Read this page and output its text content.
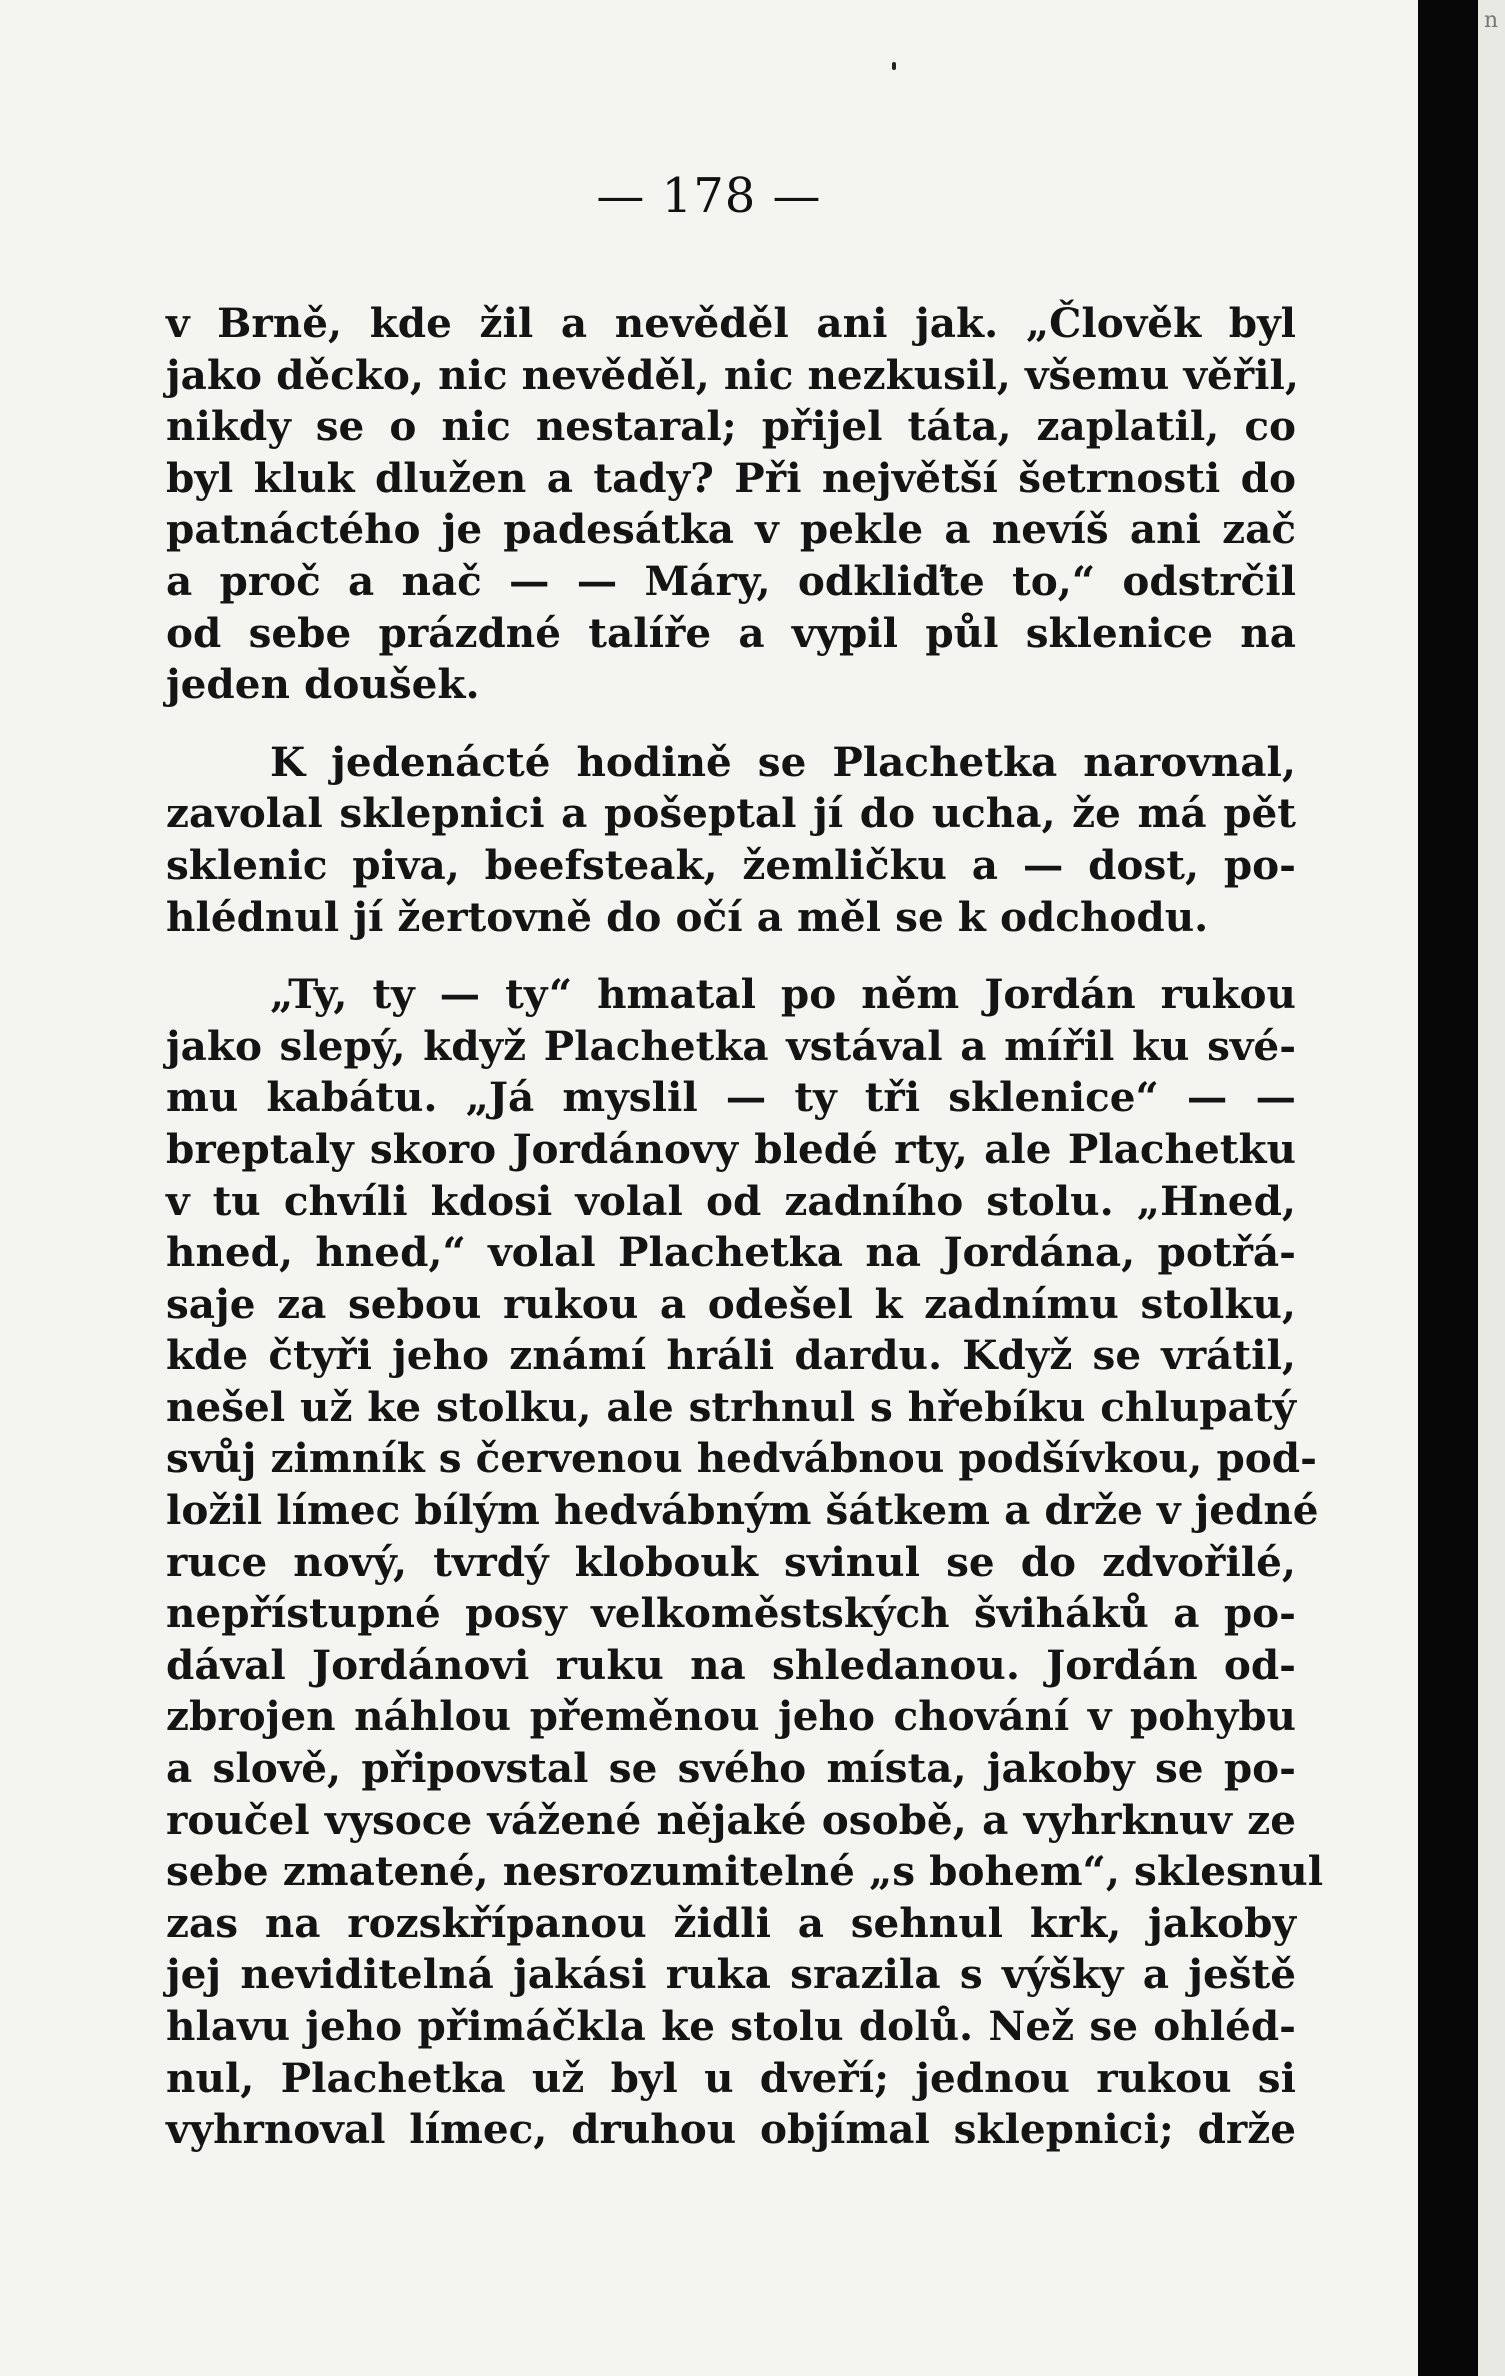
— 178 —
v Brně, kde žil a nevěděl ani jak. „Člověk byl
jako děcko, nic nevěděl, nic nezkusil, všemu věřil,
nikdy se o nic nestaral; přijel táta, zaplatil, co
byl kluk dlužen a tady? Při největší šetrnosti do
patnáctého je padesátka v pekle a nevíš ani zač
a proč a nač — — Máry, odkliďte to,“ odstrčil
od sebe prázdné talíře a vypil půl sklenice na
jeden doušek.
K jedenácté hodině se Plachetka narovnal,
zavolal sklepnici a pošeptal jí do ucha, že má pět
sklenic piva, beefsteak, žemličku a — dost, po-
hlédnul jí žertovně do očí a měl se k odchodu.
„Ty, ty — ty“ hmatal po něm Jordán rukou
jako slepý, když Plachetka vstával a mířil ku své-
mu kabátu. „Já myslil — ty tři sklenice“ — —
breptaly skoro Jordánovy bledé rty, ale Plachetku
v tu chvíli kdosi volal od zadního stolu. „Hned,
hned, hned,“ volal Plachetka na Jordána, potřá-
saje za sebou rukou a odešel k zadnímu stolku,
kde čtyři jeho známí hráli dardu. Když se vrátil,
nešel už ke stolku, ale strhnul s hřebíku chlupatý
svůj zimník s červenou hedvábnou podšívkou, pod-
ložil límec bílým hedvábným šátkem a drže v jedné
ruce nový, tvrdý klobouk svinul se do zdvořilé,
nepřístupné posy velkoměstských šviháků a po-
dával Jordánovi ruku na shledanou. Jordán od-
zbrojen náhlou přeměnou jeho chování v pohybu
a slově, připovstal se svého místa, jakoby se po-
roučel vysoce vážené nějaké osobě, a vyhrknuv ze
sebe zmatené, nesrozumitelné „s bohem“, sklesnul
zas na rozskřípanou židli a sehnul krk, jakoby
jej neviditelná jakási ruka srazila s výšky a ještě
hlavu jeho přimáčkla ke stolu dolů. Než se ohléd-
nul, Plachetka už byl u dveří; jednou rukou si
vyhrnoval límec, druhou objímal sklepnici; drže
n
